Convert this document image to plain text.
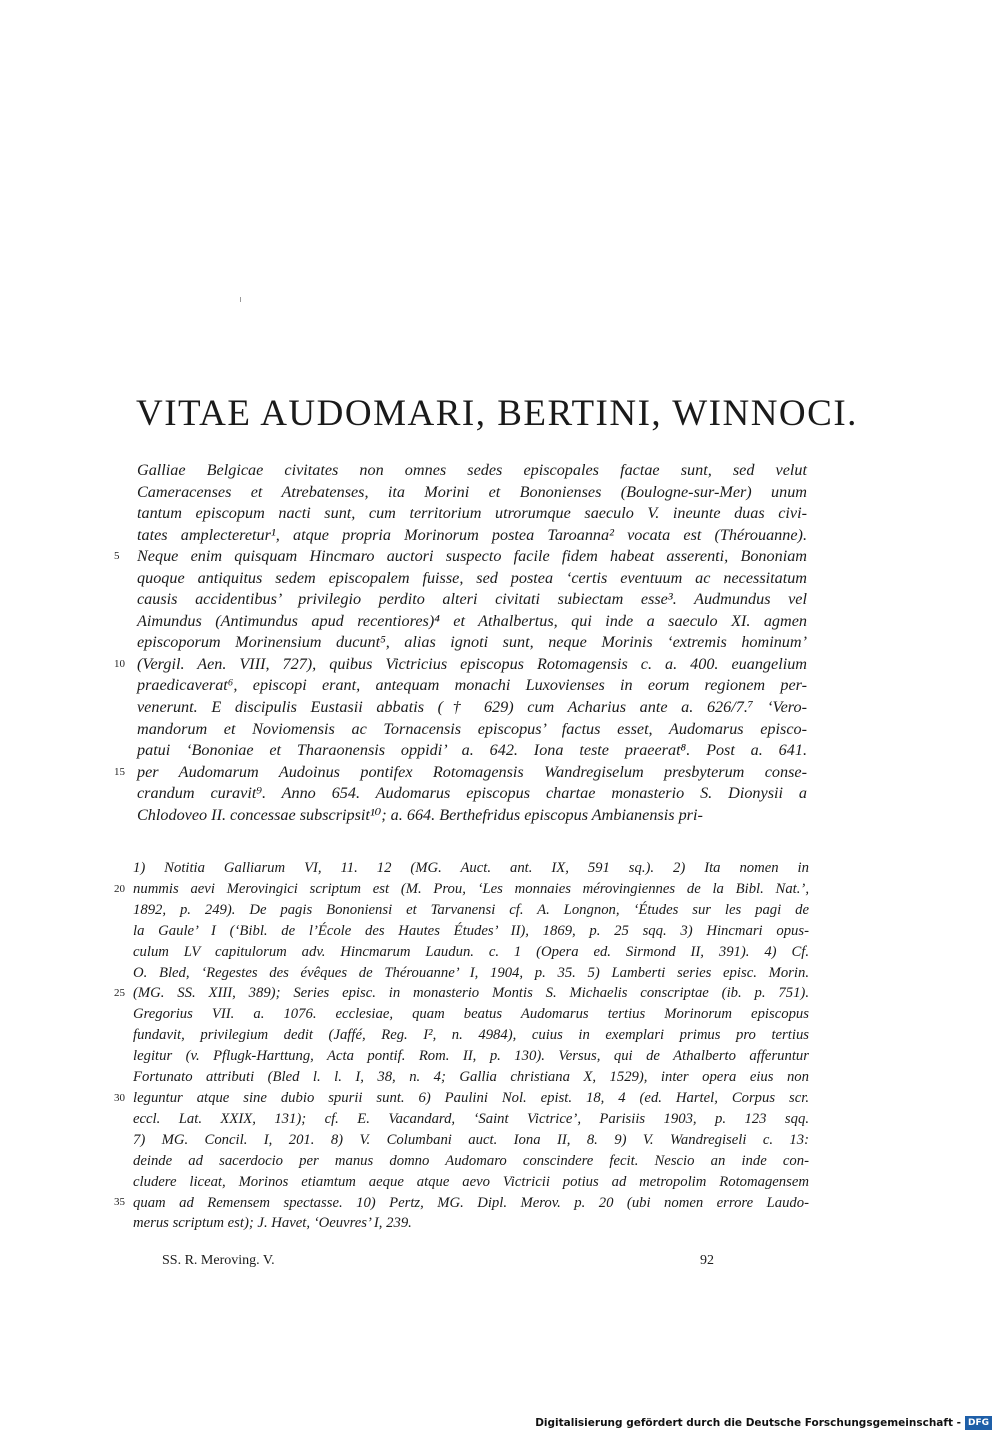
VITAE AUDOMARI, BERTINI, WINNOCI.
Galliae Belgicae civitates non omnes sedes episcopales factae sunt, sed velut
Cameracenses et Atrebatenses, ita Morini et Bononienses (Boulogne-sur-Mer) unum
tantum episcopum nacti sunt, cum territorium utrorumque saeculo V. ineunte duas civi-
tates amplecteretur¹, atque propria Morinorum postea Taroanna² vocata est (Thérouanne).
Neque enim quisquam Hincmaro auctori suspecto facile fidem habeat asserenti, Bononiam
quoque antiquitus sedem episcopalem fuisse, sed postea ‘certis eventuum ac necessitatum
causis accidentibus’ privilegio perdito alteri civitati subiectam esse³. Audmundus vel
Aimundus (Antimundus apud recentiores)⁴ et Athalbertus, qui inde a saeculo XI. agmen
episcoporum Morinensium ducunt⁵, alias ignoti sunt, neque Morinis ‘extremis hominum’
(Vergil. Aen. VIII, 727), quibus Victricius episcopus Rotomagensis c. a. 400. euangelium
praedicaverat⁶, episcopi erant, antequam monachi Luxovienses in eorum regionem per-
venerunt. E discipulis Eustasii abbatis († 629) cum Acharius ante a. 626/7.⁷ ‘Vero-
mandorum et Noviomensis ac Tornacensis episcopus’ factus esset, Audomarus episco-
patui ‘Bononiae et Tharaonensis oppidi’ a. 642. Iona teste praeerat⁸. Post a. 641.
per Audomarum Audoinus pontifex Rotomagensis Wandregiselum presbyterum conse-
crandum curavit⁹. Anno 654. Audomarus episcopus chartae monasterio S. Dionysii a
Chlodoveo II. concessae subscripsit¹⁰; a. 664. Berthefridus episcopus Ambianensis pri-
5
10
15
1) Notitia Galliarum VI, 11. 12 (MG. Auct. ant. IX, 591 sq.). 2) Ita nomen in
nummis aevi Merovingici scriptum est (M. Prou, ‘Les monnaies mérovingiennes de la Bibl. Nat.’,
1892, p. 249). De pagis Bononiensi et Tarvanensi cf. A. Longnon, ‘Études sur les pagi de
la Gaule’ I (‘Bibl. de l’École des Hautes Études’ II), 1869, p. 25 sqq. 3) Hincmari opus-
culum LV capitulorum adv. Hincmarum Laudun. c. 1 (Opera ed. Sirmond II, 391). 4) Cf.
O. Bled, ‘Regestes des évêques de Thérouanne’ I, 1904, p. 35. 5) Lamberti series episc. Morin.
(MG. SS. XIII, 389); Series episc. in monasterio Montis S. Michaelis conscriptae (ib. p. 751).
Gregorius VII. a. 1076. ecclesiae, quam beatus Audomarus tertius Morinorum episcopus
fundavit, privilegium dedit (Jaffé, Reg. I², n. 4984), cuius in exemplari primus pro tertius
legitur (v. Pflugk-Harttung, Acta pontif. Rom. II, p. 130). Versus, qui de Athalberto afferuntur
Fortunato attributi (Bled l. l. I, 38, n. 4; Gallia christiana X, 1529), inter opera eius non
leguntur atque sine dubio spurii sunt. 6) Paulini Nol. epist. 18, 4 (ed. Hartel, Corpus scr.
eccl. Lat. XXIX, 131); cf. E. Vacandard, ‘Saint Victrice’, Parisiis 1903, p. 123 sqq.
7) MG. Concil. I, 201. 8) V. Columbani auct. Iona II, 8. 9) V. Wandregiseli c. 13:
deinde ad sacerdocio per manus domno Audomaro conscindere fecit. Nescio an inde con-
cludere liceat, Morinos etiamtum aeque atque aevo Victricii potius ad metropolim Rotomagensem
quam ad Remensem spectasse. 10) Pertz, MG. Dipl. Merov. p. 20 (ubi nomen errore Laudo-
merus scriptum est); J. Havet, ‘Oeuvres’ I, 239.
20
25
30
35
SS. R. Meroving. V.	92
Digitalisierung gefördert durch die Deutsche Forschungsgemeinschaft - DFG
